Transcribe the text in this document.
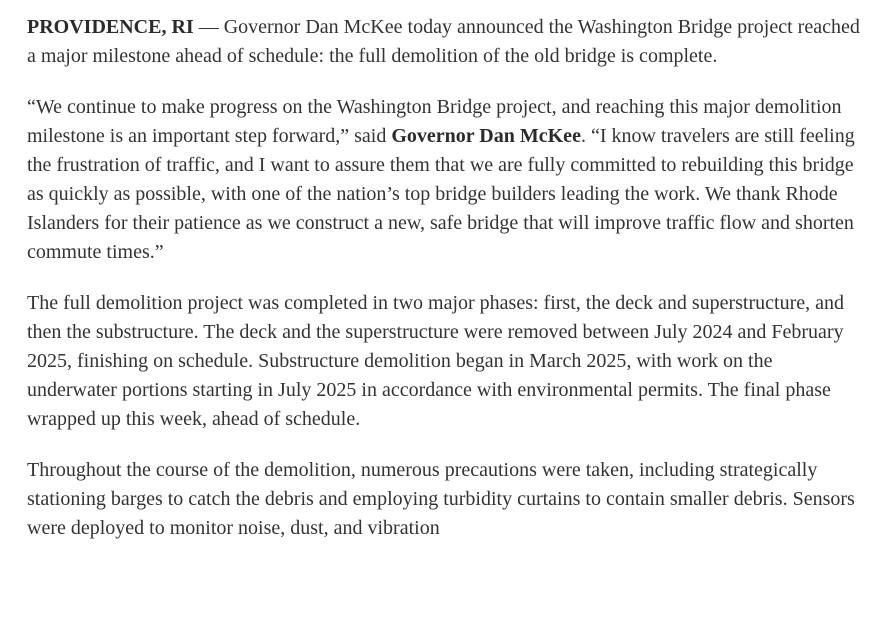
PROVIDENCE, RI — Governor Dan McKee today announced the Washington Bridge project reached a major milestone ahead of schedule: the full demolition of the old bridge is complete.

“We continue to make progress on the Washington Bridge project, and reaching this major demolition milestone is an important step forward,” said Governor Dan McKee. “I know travelers are still feeling the frustration of traffic, and I want to assure them that we are fully committed to rebuilding this bridge as quickly as possible, with one of the nation’s top bridge builders leading the work. We thank Rhode Islanders for their patience as we construct a new, safe bridge that will improve traffic flow and shorten commute times.”

The full demolition project was completed in two major phases: first, the deck and superstructure, and then the substructure. The deck and the superstructure were removed between July 2024 and February 2025, finishing on schedule. Substructure demolition began in March 2025, with work on the underwater portions starting in July 2025 in accordance with environmental permits. The final phase wrapped up this week, ahead of schedule.

Throughout the course of the demolition, numerous precautions were taken, including strategically stationing barges to catch the debris and employing turbidity curtains to contain smaller debris. Sensors were deployed to monitor noise, dust, and vibration
